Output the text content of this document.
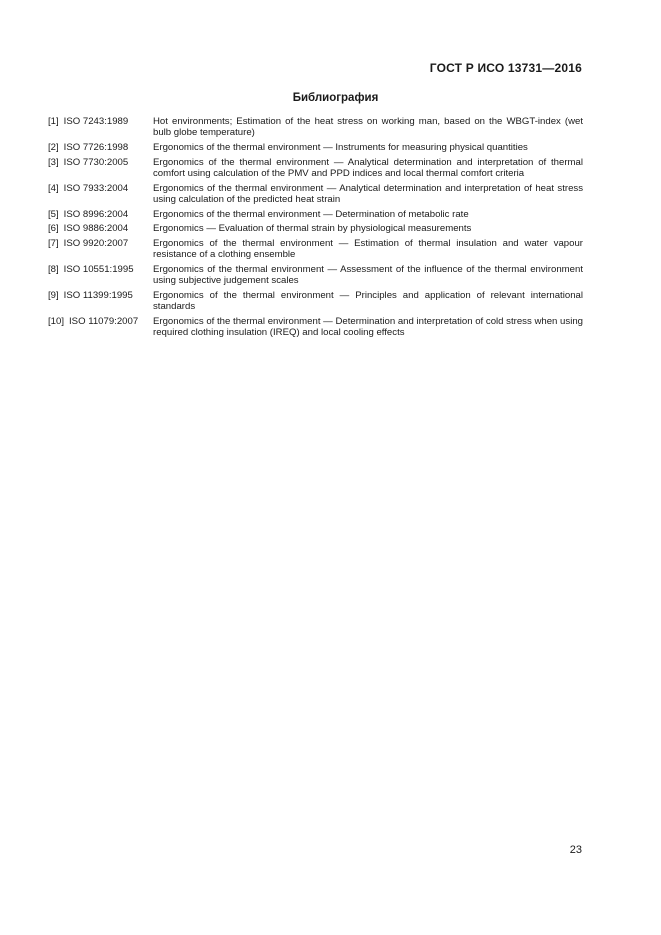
ГОСТ Р ИСО 13731—2016
Библиография
[1] ISO 7243:1989	Hot environments; Estimation of the heat stress on working man, based on the WBGT-index (wet bulb globe temperature)
[2] ISO 7726:1998	Ergonomics of the thermal environment — Instruments for measuring physical quantities
[3] ISO 7730:2005	Ergonomics of the thermal environment — Analytical determination and interpretation of thermal comfort using calculation of the PMV and PPD indices and local thermal comfort criteria
[4] ISO 7933:2004	Ergonomics of the thermal environment — Analytical determination and interpretation of heat stress using calculation of the predicted heat strain
[5] ISO 8996:2004	Ergonomics of the thermal environment — Determination of metabolic rate
[6] ISO 9886:2004	Ergonomics — Evaluation of thermal strain by physiological measurements
[7] ISO 9920:2007	Ergonomics of the thermal environment — Estimation of thermal insulation and water vapour resistance of a clothing ensemble
[8] ISO 10551:1995	Ergonomics of the thermal environment — Assessment of the influence of the thermal environment using subjective judgement scales
[9] ISO 11399:1995	Ergonomics of the thermal environment — Principles and application of relevant international standards
[10] ISO 11079:2007	Ergonomics of the thermal environment — Determination and interpretation of cold stress when using required clothing insulation (IREQ) and local cooling effects
23
